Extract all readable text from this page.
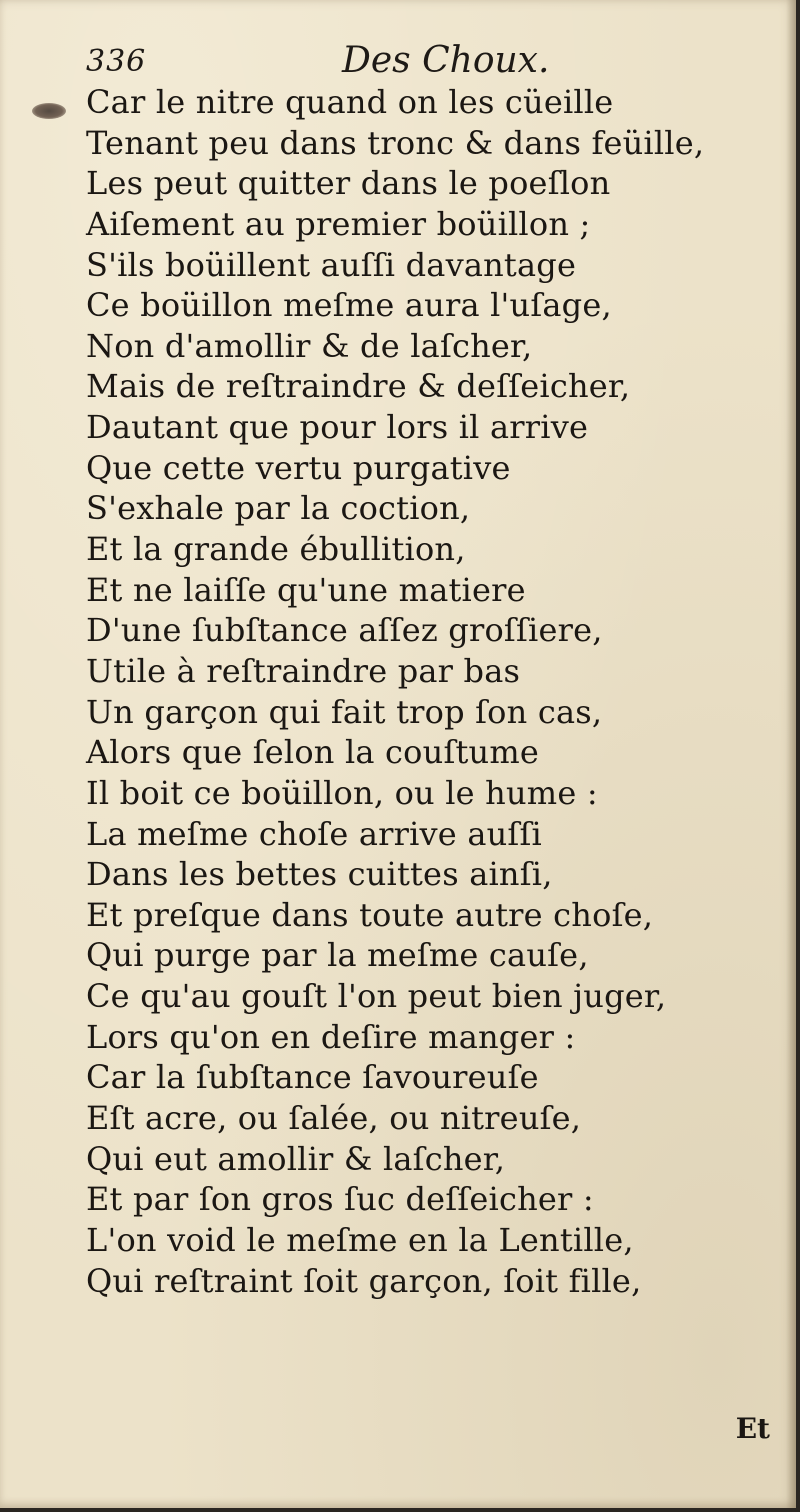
336	Des Choux.
Car le nitre quand on les cüeille
Tenant peu dans tronc & dans feüille,
Les peut quitter dans le poeſlon
Aiſement au premier boüillon ;
S'ils boüillent auſſi davantage
Ce boüillon meſme aura l'uſage,
Non d'amollir & de laſcher,
Mais de reſtraindre & deſſeicher,
Dautant que pour lors il arrive
Que cette vertu purgative
S'exhale par la coction,
Et la grande ébullition,
Et ne laiſſe qu'une matiere
D'une ſubſtance aſſez groſſiere,
Utile à reſtraindre par bas
Un garçon qui fait trop ſon cas,
Alors que ſelon la couſtume
Il boit ce boüillon, ou le hume :
La meſme choſe arrive auſſi
Dans les bettes cuittes ainſi,
Et preſque dans toute autre choſe,
Qui purge par la meſme cauſe,
Ce qu'au gouſt l'on peut bien juger,
Lors qu'on en deſire manger :
Car la ſubſtance ſavoureuſe
Eſt acre, ou ſalée, ou nitreuſe,
Qui eut amollir & laſcher,
Et par ſon gros ſuc deſſeicher :
L'on void le meſme en la Lentille,
Qui reſtraint ſoit garçon, ſoit fille,
Et
